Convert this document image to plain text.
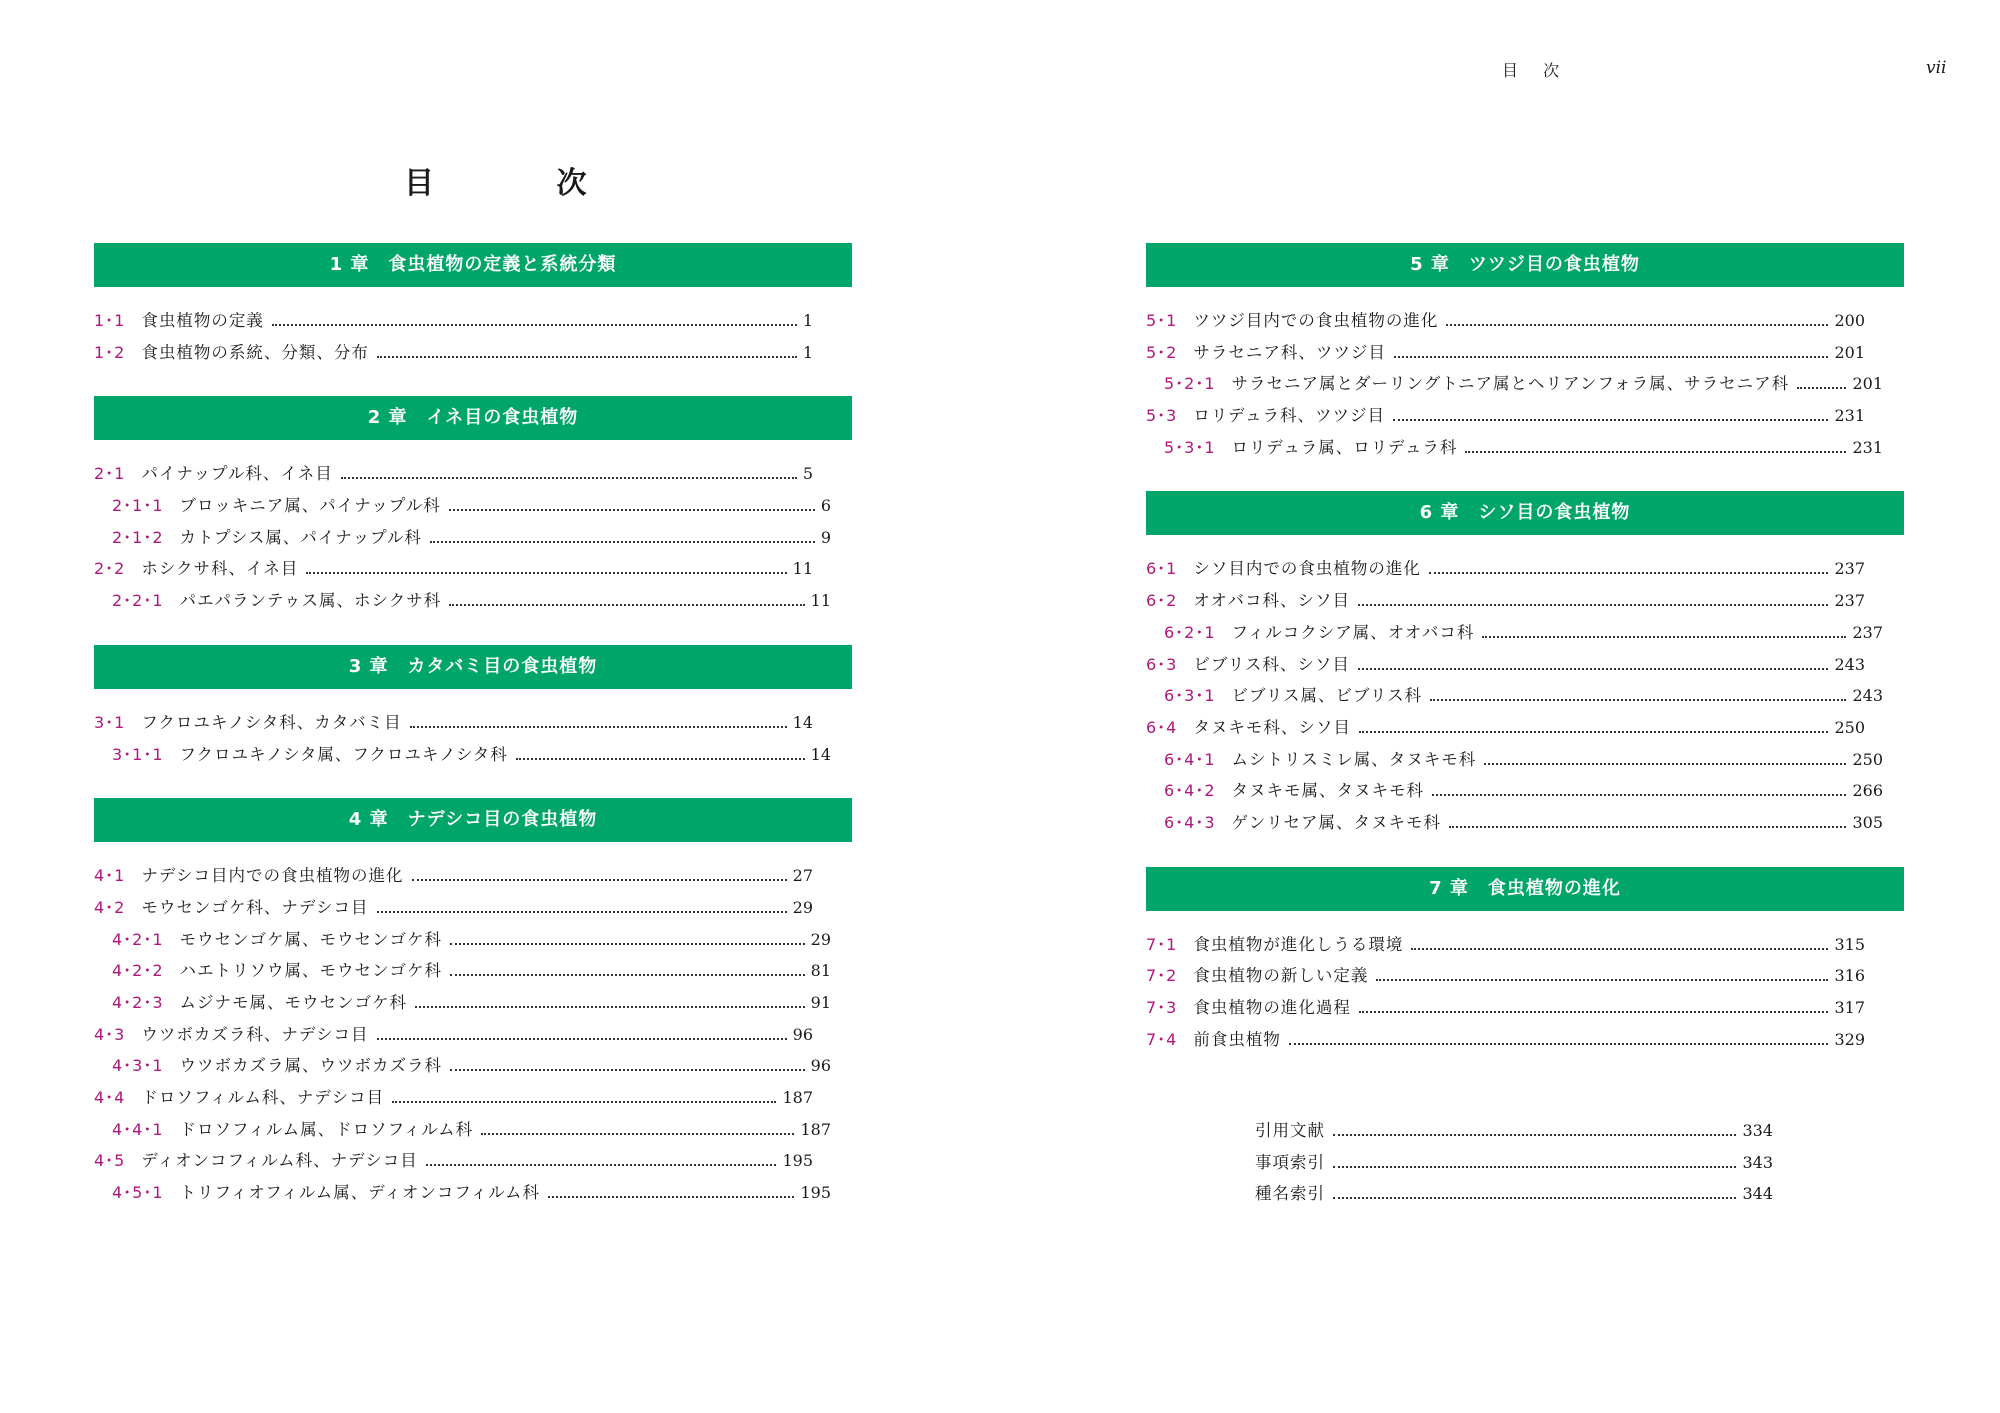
目 次	vii
目 次
1 章　食虫植物の定義と系統分類
1･1 食虫植物の定義	1
1･2 食虫植物の系統、分類、分布	1
2 章　イネ目の食虫植物
2･1 パイナップル科、イネ目	5
2･1･1 ブロッキニア属、パイナップル科	6
2･1･2 カトプシス属、パイナップル科	9
2･2 ホシクサ科、イネ目	11
2･2･1 パエパランテゥス属、ホシクサ科	11
3 章　カタバミ目の食虫植物
3･1 フクロユキノシタ科、カタバミ目	14
3･1･1 フクロユキノシタ属、フクロユキノシタ科	14
4 章　ナデシコ目の食虫植物
4･1 ナデシコ目内での食虫植物の進化	27
4･2 モウセンゴケ科、ナデシコ目	29
4･2･1 モウセンゴケ属、モウセンゴケ科	29
4･2･2 ハエトリソウ属、モウセンゴケ科	81
4･2･3 ムジナモ属、モウセンゴケ科	91
4･3 ウツボカズラ科、ナデシコ目	96
4･3･1 ウツボカズラ属、ウツボカズラ科	96
4･4 ドロソフィルム科、ナデシコ目	187
4･4･1 ドロソフィルム属、ドロソフィルム科	187
4･5 ディオンコフィルム科、ナデシコ目	195
4･5･1 トリフィオフィルム属、ディオンコフィルム科	195
5 章　ツツジ目の食虫植物
5･1 ツツジ目内での食虫植物の進化	200
5･2 サラセニア科、ツツジ目	201
5･2･1 サラセニア属とダーリングトニア属とヘリアンフォラ属、サラセニア科	201
5･3 ロリデュラ科、ツツジ目	231
5･3･1 ロリデュラ属、ロリデュラ科	231
6 章　シソ目の食虫植物
6･1 シソ目内での食虫植物の進化	237
6･2 オオバコ科、シソ目	237
6･2･1 フィルコクシア属、オオバコ科	237
6･3 ビブリス科、シソ目	243
6･3･1 ビブリス属、ビブリス科	243
6･4 タヌキモ科、シソ目	250
6･4･1 ムシトリスミレ属、タヌキモ科	250
6･4･2 タヌキモ属、タヌキモ科	266
6･4･3 ゲンリセア属、タヌキモ科	305
7 章　食虫植物の進化
7･1 食虫植物が進化しうる環境	315
7･2 食虫植物の新しい定義	316
7･3 食虫植物の進化過程	317
7･4 前食虫植物	329
引用文献	334
事項索引	343
種名索引	344
